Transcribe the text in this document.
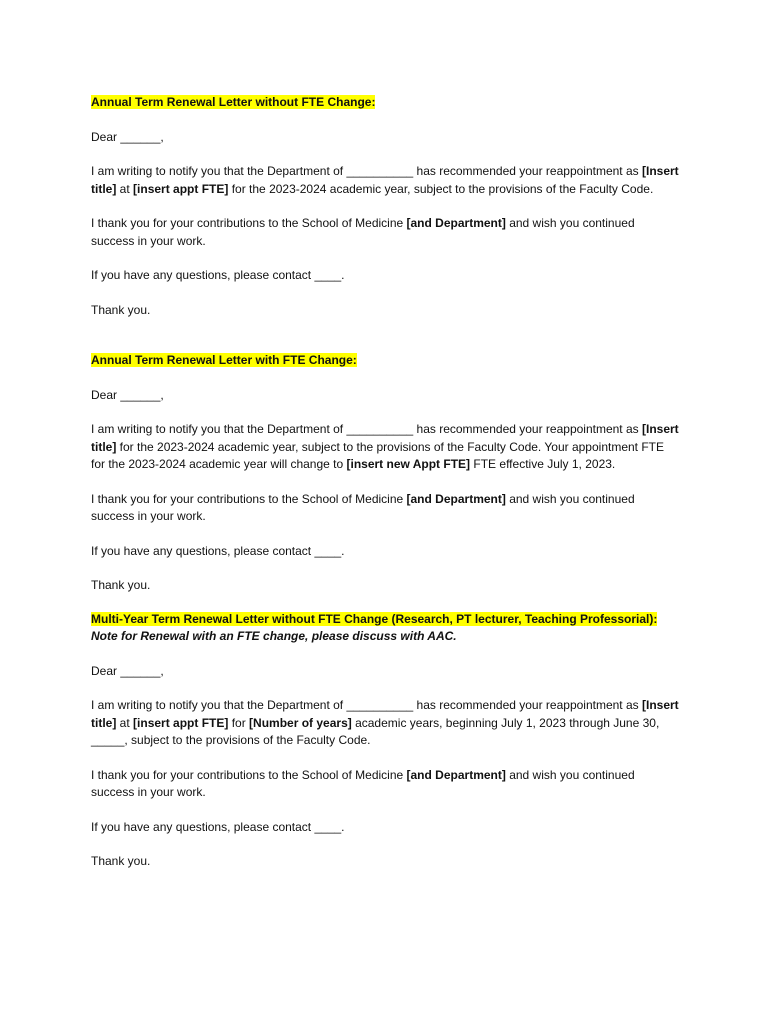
Annual Term Renewal Letter without FTE Change:

Dear ______,

I am writing to notify you that the Department of __________ has recommended your reappointment as [Insert title] at [insert appt FTE] for the 2023-2024 academic year, subject to the provisions of the Faculty Code.

I thank you for your contributions to the School of Medicine [and Department] and wish you continued success in your work.

If you have any questions, please contact ____.

Thank you.

Annual Term Renewal Letter with FTE Change:

Dear ______,

I am writing to notify you that the Department of __________ has recommended your reappointment as [Insert title] for the 2023-2024 academic year, subject to the provisions of the Faculty Code. Your appointment FTE for the 2023-2024 academic year will change to [insert new Appt FTE] FTE effective July 1, 2023.

I thank you for your contributions to the School of Medicine [and Department] and wish you continued success in your work.

If you have any questions, please contact ____.

Thank you.

Multi-Year Term Renewal Letter without FTE Change (Research, PT lecturer, Teaching Professorial):

Note for Renewal with an FTE change, please discuss with AAC.

Dear ______,

I am writing to notify you that the Department of __________ has recommended your reappointment as [Insert title] at [insert appt FTE] for [Number of years] academic years, beginning July 1, 2023 through June 30, _____, subject to the provisions of the Faculty Code.

I thank you for your contributions to the School of Medicine [and Department] and wish you continued success in your work.

If you have any questions, please contact ____.

Thank you.
